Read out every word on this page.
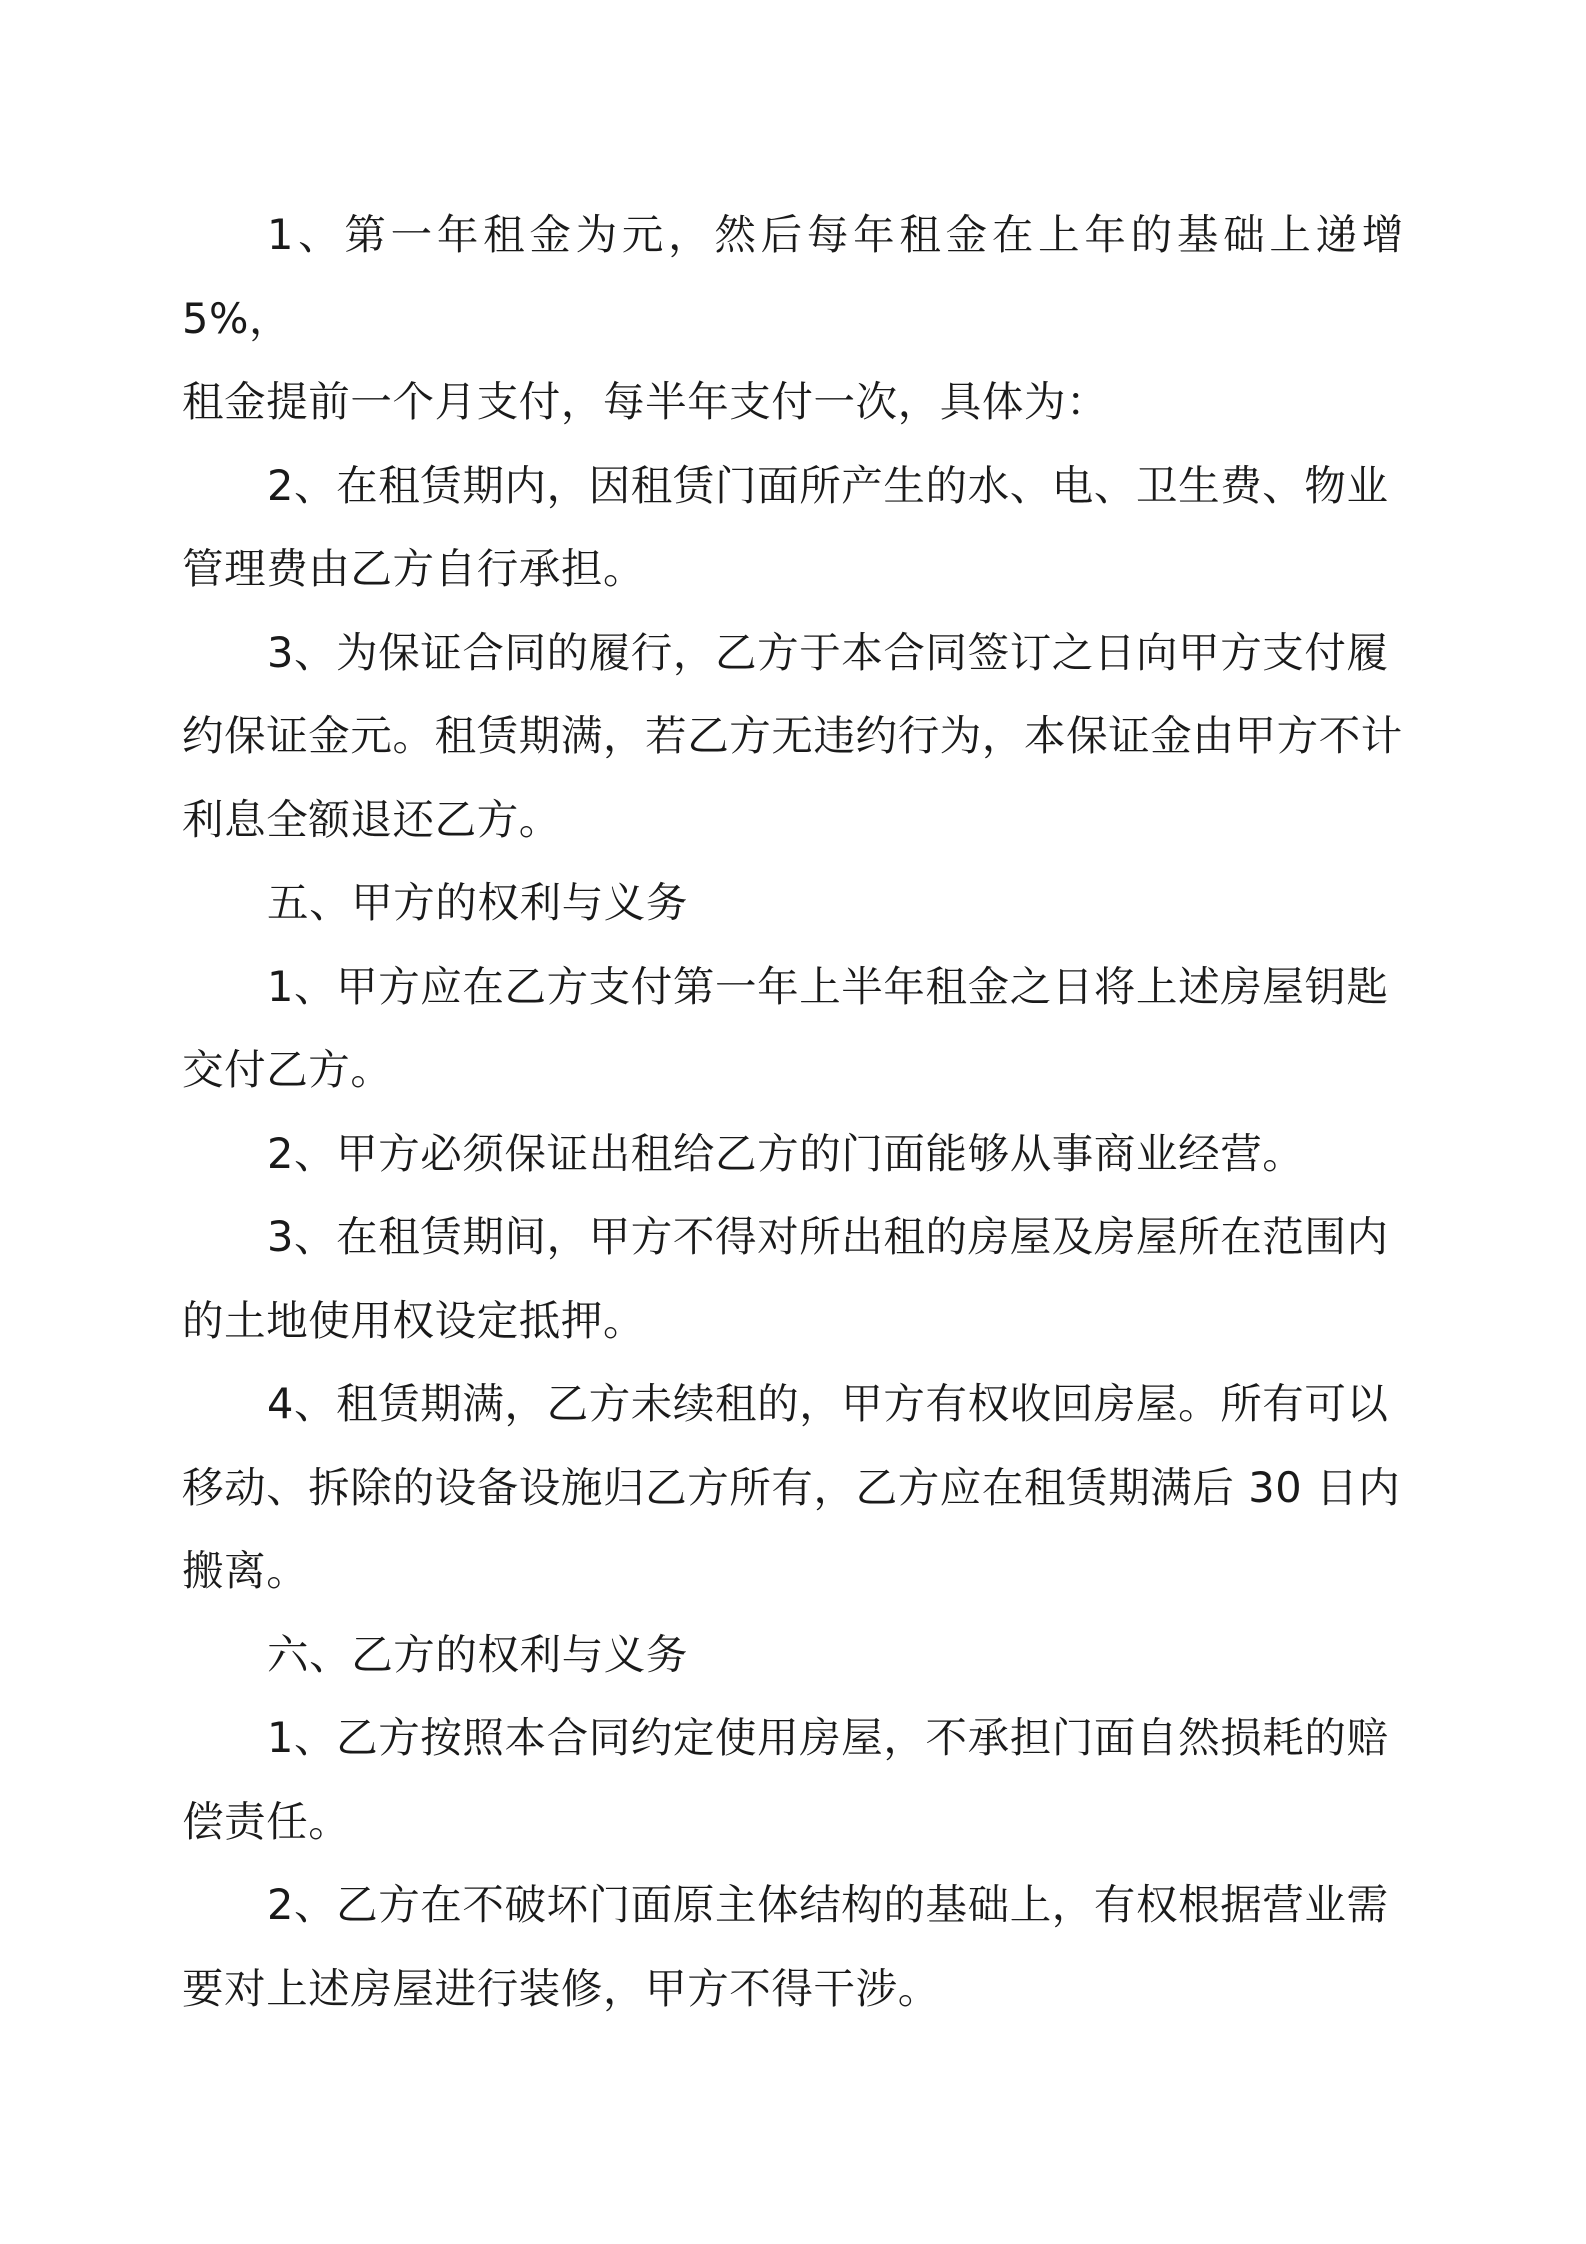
1、第一年租金为元，然后每年租金在上年的基础上递增 5%，
租金提前一个月支付，每半年支付一次，具体为：

2、在租赁期内，因租赁门面所产生的水、电、卫生费、物业
管理费由乙方自行承担。

3、为保证合同的履行，乙方于本合同签订之日向甲方支付履
约保证金元。租赁期满，若乙方无违约行为，本保证金由甲方不计
利息全额退还乙方。

五、甲方的权利与义务

1、甲方应在乙方支付第一年上半年租金之日将上述房屋钥匙
交付乙方。

2、甲方必须保证出租给乙方的门面能够从事商业经营。

3、在租赁期间，甲方不得对所出租的房屋及房屋所在范围内
的土地使用权设定抵押。

4、租赁期满，乙方未续租的，甲方有权收回房屋。所有可以
移动、拆除的设备设施归乙方所有，乙方应在租赁期满后 30 日内
搬离。

六、乙方的权利与义务

1、乙方按照本合同约定使用房屋，不承担门面自然损耗的赔
偿责任。

2、乙方在不破坏门面原主体结构的基础上，有权根据营业需
要对上述房屋进行装修，甲方不得干涉。
